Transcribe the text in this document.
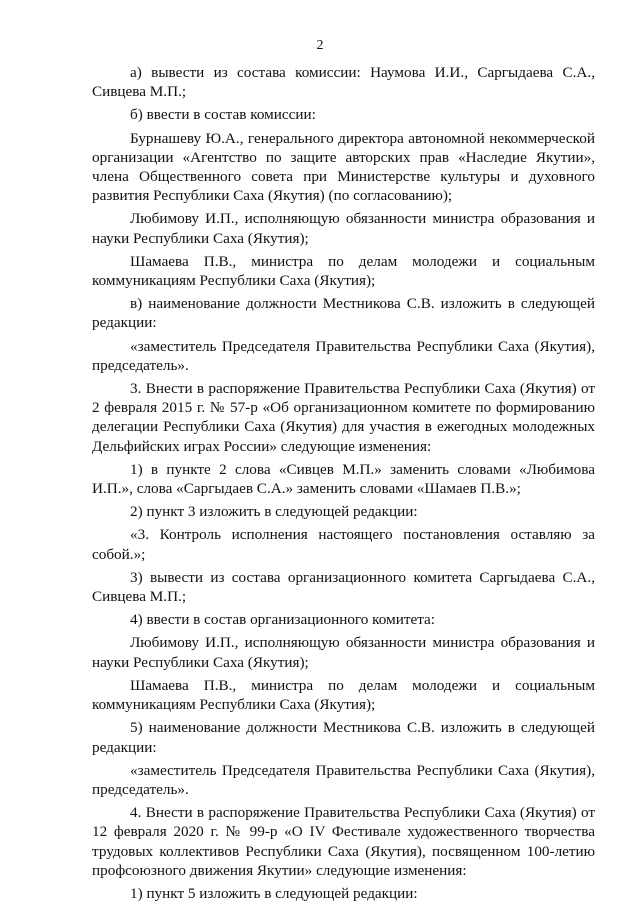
2

а) вывести из состава комиссии: Наумова И.И., Саргыдаева С.А., Сивцева М.П.;

б) ввести в состав комиссии:

Бурнашеву Ю.А., генерального директора автономной некоммерческой организации «Агентство по защите авторских прав «Наследие Якутии», члена Общественного совета при Министерстве культуры и духовного развития Республики Саха (Якутия) (по согласованию);

Любимову И.П., исполняющую обязанности министра образования и науки Республики Саха (Якутия);

Шамаева П.В., министра по делам молодежи и социальным коммуникациям Республики Саха (Якутия);

в) наименование должности Местникова С.В. изложить в следующей редакции:

«заместитель Председателя Правительства Республики Саха (Якутия), председатель».

3. Внести в распоряжение Правительства Республики Саха (Якутия) от 2 февраля 2015 г. № 57-р «Об организационном комитете по формированию делегации Республики Саха (Якутия) для участия в ежегодных молодежных Дельфийских играх России» следующие изменения:

1) в пункте 2 слова «Сивцев М.П.» заменить словами «Любимова И.П.», слова «Саргыдаев С.А.» заменить словами «Шамаев П.В.»;

2) пункт 3 изложить в следующей редакции:

«3. Контроль исполнения настоящего постановления оставляю за собой.»;

3) вывести из состава организационного комитета Саргыдаева С.А., Сивцева М.П.;

4) ввести в состав организационного комитета:

Любимову И.П., исполняющую обязанности министра образования и науки Республики Саха (Якутия);

Шамаева П.В., министра по делам молодежи и социальным коммуникациям Республики Саха (Якутия);

5) наименование должности Местникова С.В. изложить в следующей редакции:

«заместитель Председателя Правительства Республики Саха (Якутия), председатель».

4. Внести в распоряжение Правительства Республики Саха (Якутия) от 12 февраля 2020 г. № 99-р «О IV Фестивале художественного творчества трудовых коллективов Республики Саха (Якутия), посвященном 100-летию профсоюзного движения Якутии» следующие изменения:

1) пункт 5 изложить в следующей редакции:
